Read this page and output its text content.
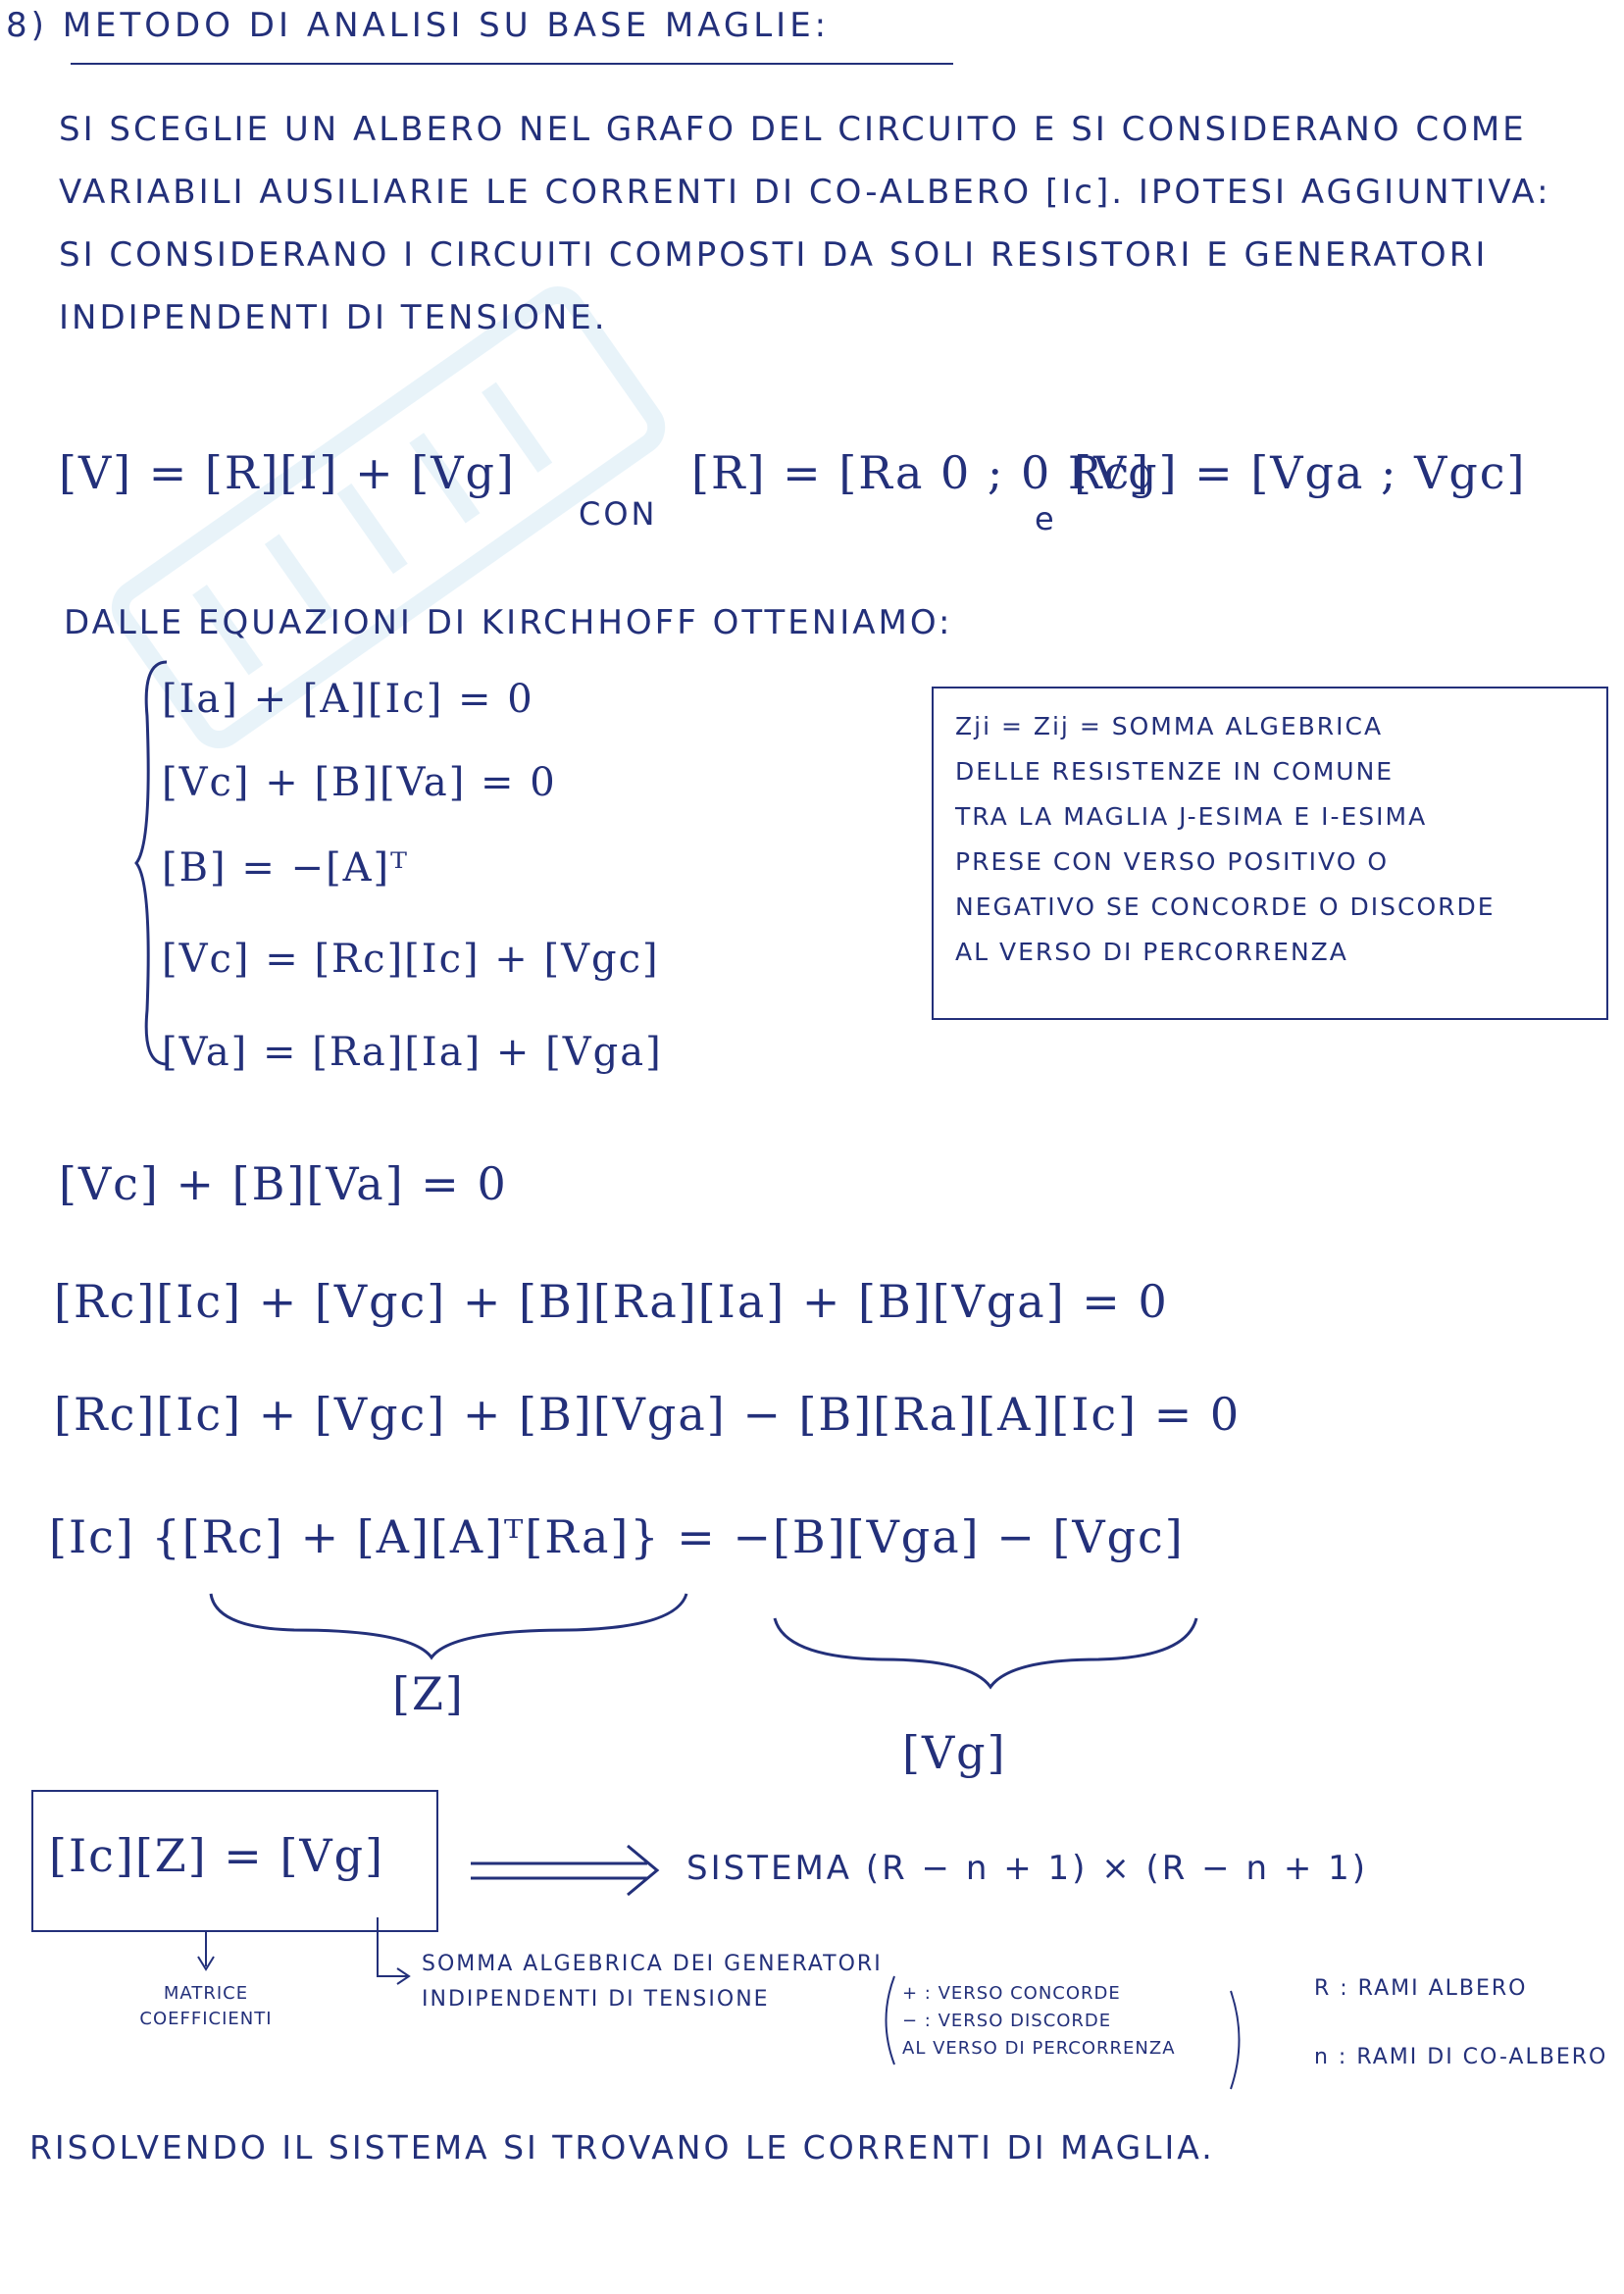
8) METODO DI ANALISI SU BASE MAGLIE:
SI SCEGLIE UN ALBERO NEL GRAFO DEL CIRCUITO E SI CONSIDERANO COME VARIABILI AUSILIARIE LE CORRENTI DI CO-ALBERO [Ic]. IPOTESI AGGIUNTIVA: SI CONSIDERANO I CIRCUITI COMPOSTI DA SOLI RESISTORI E GENERATORI INDIPENDENTI DI TENSIONE.
[V] = [R][I] + [Vg]
CON
[R] = [Ra 0 ; 0 Rc]
e
[Vg] = [Vga ; Vgc]
DALLE EQUAZIONI DI KIRCHHOFF OTTENIAMO:
[Ia] + [A][Ic] = 0
[Vc] + [B][Va] = 0
[B] = −[A]ᵀ
[Vc] = [Rc][Ic] + [Vgc]
[Va] = [Ra][Ia] + [Vga]
Zji = Zij = SOMMA ALGEBRICA
DELLE RESISTENZE IN COMUNE
TRA LA MAGLIA J-ESIMA E I-ESIMA
PRESE CON VERSO POSITIVO O
NEGATIVO SE CONCORDE O DISCORDE
AL VERSO DI PERCORRENZA
[Vc] + [B][Va] = 0
[Rc][Ic] + [Vgc] + [B][Ra][Ia] + [B][Vga] = 0
[Rc][Ic] + [Vgc] + [B][Vga] − [B][Ra][A][Ic] = 0
[Ic] {[Rc] + [A][A]ᵀ[Ra]} = −[B][Vga] − [Vgc]
[Z]
[Vg]
[Ic][Z] = [Vg]	SISTEMA (R − n + 1) × (R − n + 1)
MATRICE COEFFICIENTI
SOMMA ALGEBRICA DEI GENERATORI INDIPENDENTI DI TENSIONE	+ : VERSO CONCORDE
− : VERSO DISCORDE
AL VERSO DI PERCORRENZA
R : RAMI ALBERO
n : RAMI DI CO-ALBERO
RISOLVENDO IL SISTEMA SI TROVANO LE CORRENTI DI MAGLIA.
